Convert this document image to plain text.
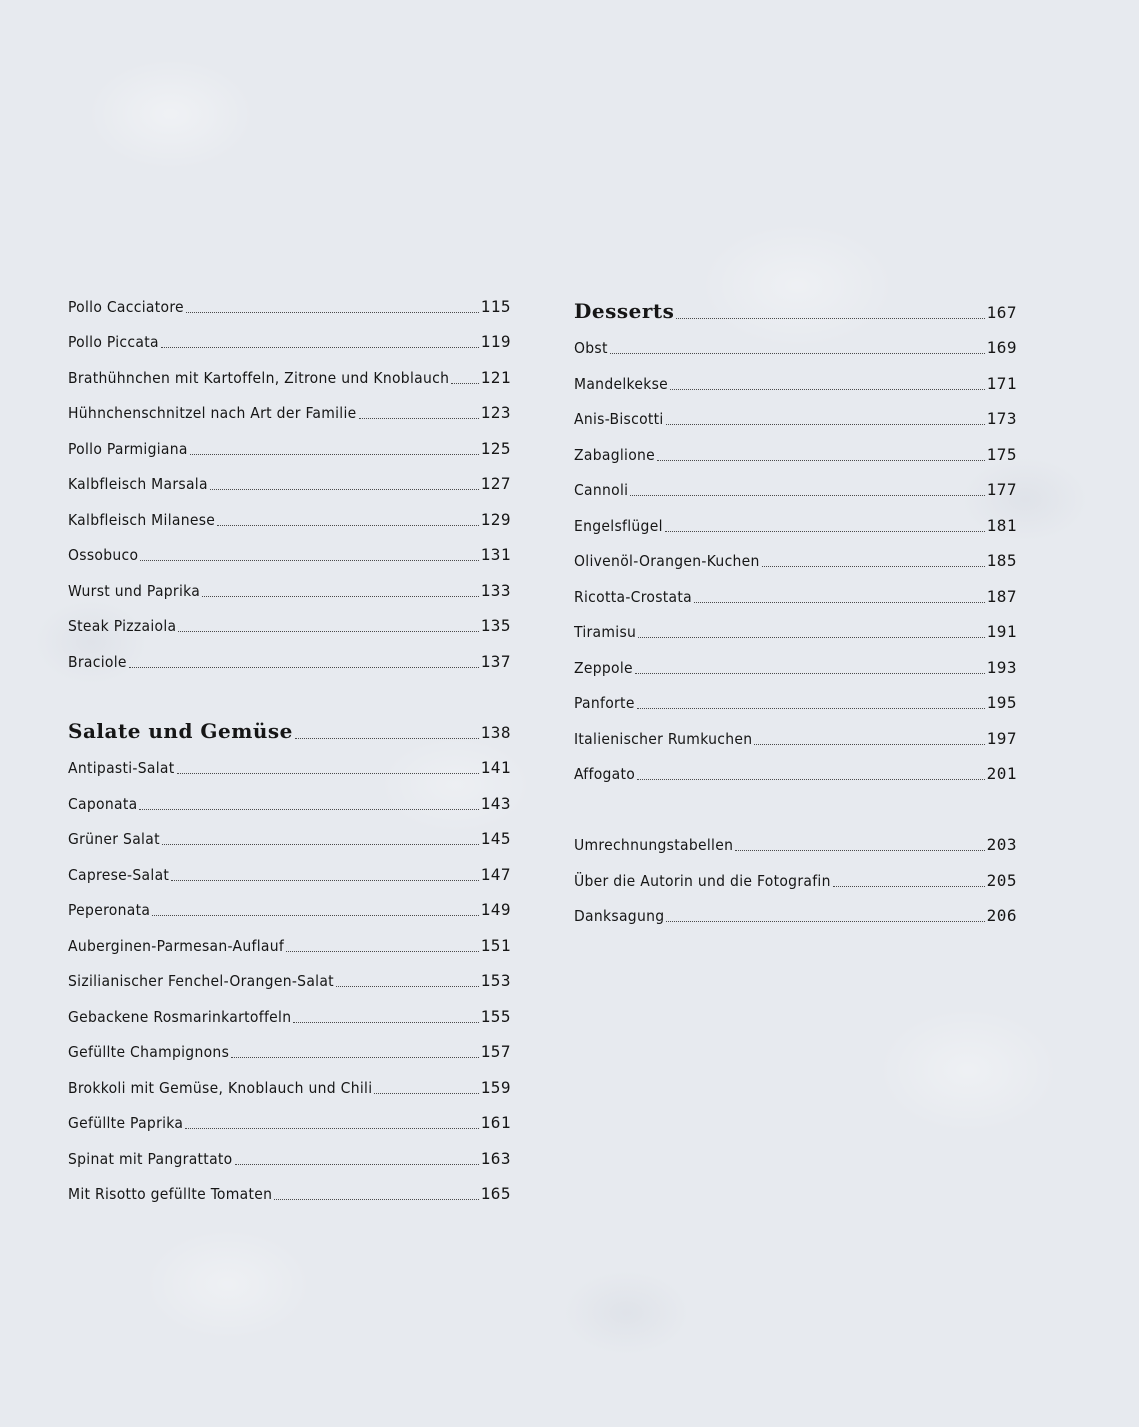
Pollo Cacciatore	115
Pollo Piccata	119
Brathühnchen mit Kartoffeln, Zitrone und Knoblauch 121
Hühnchenschnitzel nach Art der Familie	123
Pollo Parmigiana	125
Kalbfleisch Marsala	127
Kalbfleisch Milanese	129
Ossobuco	131
Wurst und Paprika	133
Steak Pizzaiola	135
Braciole	137
Salate und Gemüse	138
Antipasti-Salat	141
Caponata	143
Grüner Salat	145
Caprese-Salat	147
Peperonata	149
Auberginen-Parmesan-Auflauf	151
Sizilianischer Fenchel-Orangen-Salat	153
Gebackene Rosmarinkartoffeln	155
Gefüllte Champignons	157
Brokkoli mit Gemüse, Knoblauch und Chili	159
Gefüllte Paprika	161
Spinat mit Pangrattato	163
Mit Risotto gefüllte Tomaten	165
Desserts	167
Obst	169
Mandelkekse	171
Anis-Biscotti	173
Zabaglione	175
Cannoli	177
Engelsflügel	181
Olivenöl-Orangen-Kuchen	185
Ricotta-Crostata	187
Tiramisu	191
Zeppole	193
Panforte	195
Italienischer Rumkuchen	197
Affogato	201
Umrechnungstabellen	203
Über die Autorin und die Fotografin	205
Danksagung	206
